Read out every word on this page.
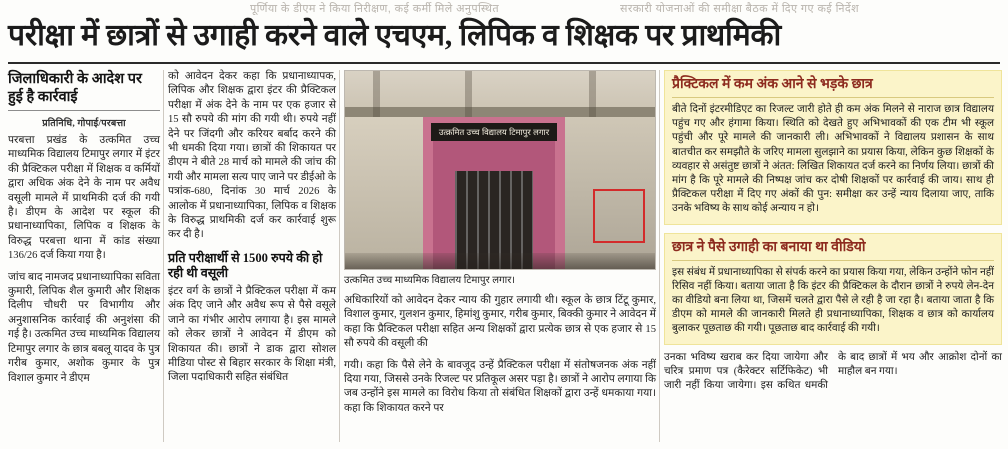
पूर्णिया के डीएम ने किया निरीक्षण, कई कर्मी मिले अनुपस्थित	सरकारी योजनाओं की समीक्षा बैठक में दिए गए कई निर्देश
परीक्षा में छात्रों से उगाही करने वाले एचएम, लिपिक व शिक्षक पर प्राथमिकी
जिलाधिकारी के आदेश पर हुई है कार्रवाई
प्रतिनिधि, गोपाई/परबत्ता
परबत्ता प्रखंड के उत्कमित उच्च माध्यमिक विद्यालय टिमापुर लगार में इंटर की प्रैक्टिकल परीक्षा में शिक्षक व कर्मियों द्वारा अधिक अंक देने के नाम पर अवैध वसूली मामले में प्राथमिकी दर्ज की गयी है। डीएम के आदेश पर स्कूल की प्रधानाध्यापिका, लिपिक व शिक्षक के विरुद्ध परबत्ता थाना में कांड संख्या 136/26 दर्ज किया गया है।
जांच बाद नामजद प्रधानाध्यापिका सविता कुमारी, लिपिक शैल कुमारी और शिक्षक दिलीप चौधरी पर विभागीय और अनुशासनिक कार्रवाई की अनुशंसा की गई है। उत्कमित उच्च माध्यमिक विद्यालय टिमापुर लगार के छात्र बबलू यादव के पुत्र गरीब कुमार, अशोक कुमार के पुत्र विशाल कुमार ने डीएम
को आवेदन देकर कहा कि प्रधानाध्यापक, लिपिक और शिक्षक द्वारा इंटर की प्रैक्टिकल परीक्षा में अंक देने के नाम पर एक हजार से 15 सौ रुपये की मांग की गयी थी। रुपये नहीं देने पर जिंदगी और करियर बर्बाद करने की भी धमकी दिया गया। छात्रों की शिकायत पर डीएम ने बीते 28 मार्च को मामले की जांच की गयी और मामला सत्य पाए जाने पर डीईओ के पत्रांक-680, दिनांक 30 मार्च 2026 के आलोक में प्रधानाध्यापिका, लिपिक व शिक्षक के विरुद्ध प्राथमिकी दर्ज कर कार्रवाई शुरू कर दी है।
प्रति परीक्षार्थी से 1500 रुपये की हो रही थी वसूली
इंटर वर्ग के छात्रों ने प्रैक्टिकल परीक्षा में कम अंक दिए जाने और अवैध रूप से पैसे वसूले जाने का गंभीर आरोप लगाया है। इस मामले को लेकर छात्रों ने आवेदन में डीएम को शिकायत की। छात्रों ने डाक द्वारा सोशल मीडिया पोस्ट से बिहार सरकार के शिक्षा मंत्री, जिला पदाधिकारी सहित संबंधित
उत्क्रमित उच्च विद्यालय टिमापुर लगार
उत्कमित उच्च माध्यमिक विद्यालय टिमापुर लगार।
अधिकारियों को आवेदन देकर न्याय की गुहार लगायी थी। स्कूल के छात्र टिंटू कुमार, विशाल कुमार, गुलशन कुमार, हिमांशु कुमार, गरीब कुमार, बिक्की कुमार ने आवेदन में कहा कि प्रैक्टिकल परीक्षा सहित अन्य शिक्षकों द्वारा प्रत्येक छात्र से एक हजार से 15 सौ रुपये की वसूली की
गयी। कहा कि पैसे लेने के बावजूद उन्हें प्रैक्टिकल परीक्षा में संतोषजनक अंक नहीं दिया गया, जिससे उनके रिजल्ट पर प्रतिकूल असर पड़ा है। छात्रों ने आरोप लगाया कि जब उन्होंने इस मामले का विरोध किया तो संबंधित शिक्षकों द्वारा उन्हें धमकाया गया। कहा कि शिकायत करने पर
प्रैक्टिकल में कम अंक आने से भड़के छात्र
बीते दिनों इंटरमीडिएट का रिजल्ट जारी होते ही कम अंक मिलने से नाराज छात्र विद्यालय पहुंच गए और हंगामा किया। स्थिति को देखते हुए अभिभावकों की एक टीम भी स्कूल पहुंची और पूरे मामले की जानकारी ली। अभिभावकों ने विद्यालय प्रशासन के साथ बातचीत कर समझौते के जरिए मामला सुलझाने का प्रयास किया, लेकिन कुछ शिक्षकों के व्यवहार से असंतुष्ट छात्रों ने अंतत: लिखित शिकायत दर्ज करने का निर्णय लिया। छात्रों की मांग है कि पूरे मामले की निष्पक्ष जांच कर दोषी शिक्षकों पर कार्रवाई की जाय। साथ ही प्रैक्टिकल परीक्षा में दिए गए अंकों की पुन: समीक्षा कर उन्हें न्याय दिलाया जाए, ताकि उनके भविष्य के साथ कोई अन्याय न हो।
छात्र ने पैसे उगाही का बनाया था वीडियो
इस संबंध में प्रधानाध्यापिका से संपर्क करने का प्रयास किया गया, लेकिन उन्होंने फोन नहीं रिसिव नहीं किया। बताया जाता है कि इंटर की प्रैक्टिकल के दौरान छात्रों ने रुपये लेन-देन का वीडियो बना लिया था, जिसमें चलते द्वारा पैसे ले रही है जा रहा है। बताया जाता है कि डीएम को मामले की जानकारी मिलते ही प्रधानाध्यापिका, शिक्षक व छात्र को कार्यालय बुलाकर पूछताछ की गयी। पूछताछ बाद कार्रवाई की गयी।
उनका भविष्य खराब कर दिया जायेगा और चरित्र प्रमाण पत्र (कैरेक्टर सर्टिफिकेट) भी जारी नहीं किया जायेगा। इस कथित धमकी के बाद छात्रों में भय और आक्रोश दोनों का माहौल बन गया।
